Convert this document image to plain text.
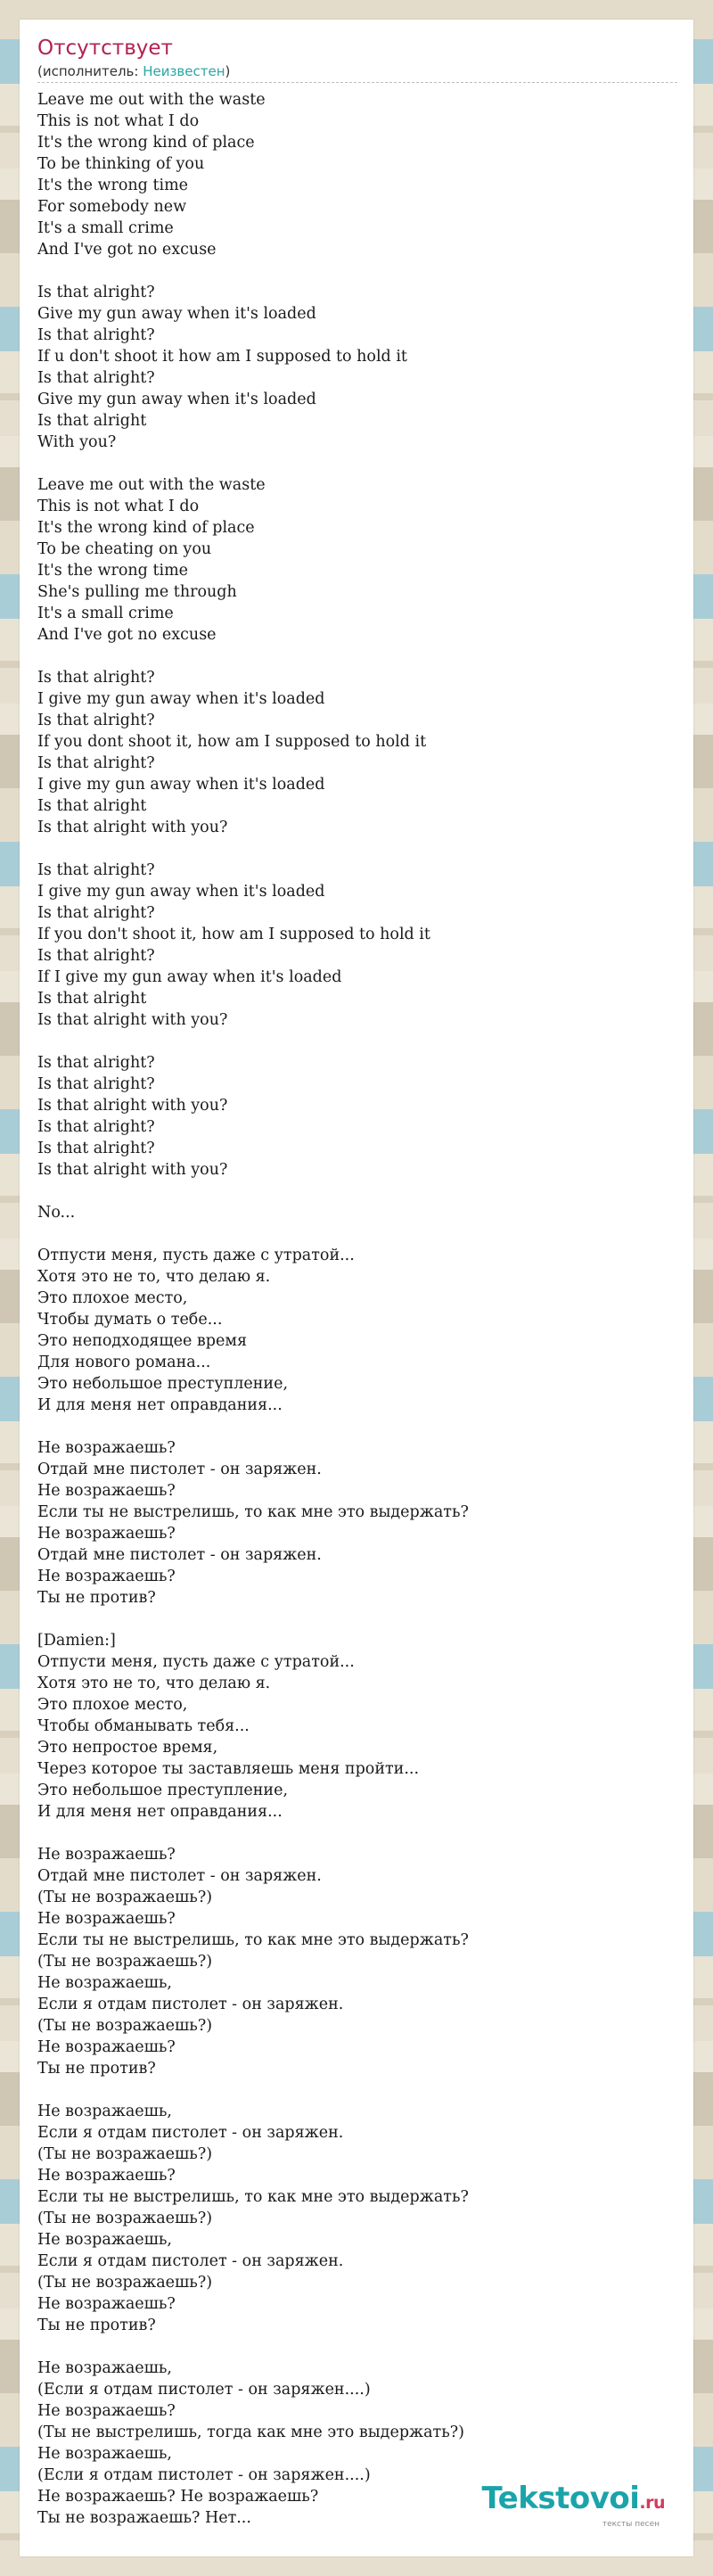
Отсутствует
(исполнитель: Неизвестен)
Leave me out with the waste
This is not what I do
It's the wrong kind of place
To be thinking of you
It's the wrong time
For somebody new
It's a small crime
And I've got no excuse
Is that alright?
Give my gun away when it's loaded
Is that alright?
If u don't shoot it how am I supposed to hold it
Is that alright?
Give my gun away when it's loaded
Is that alright
With you?
Leave me out with the waste
This is not what I do
It's the wrong kind of place
To be cheating on you
It's the wrong time
She's pulling me through
It's a small crime
And I've got no excuse
Is that alright?
I give my gun away when it's loaded
Is that alright?
If you dont shoot it, how am I supposed to hold it
Is that alright?
I give my gun away when it's loaded
Is that alright
Is that alright with you?
Is that alright?
I give my gun away when it's loaded
Is that alright?
If you don't shoot it, how am I supposed to hold it
Is that alright?
If I give my gun away when it's loaded
Is that alright
Is that alright with you?
Is that alright?
Is that alright?
Is that alright with you?
Is that alright?
Is that alright?
Is that alright with you?
No...
Отпусти меня, пусть даже с утратой...
Хотя это не то, что делаю я.
Это плохое место,
Чтобы думать о тебе...
Это неподходящее время
Для нового романа...
Это небольшое преступление,
И для меня нет оправдания...
Не возражаешь?
Отдай мне пистолет - он заряжен.
Не возражаешь?
Если ты не выстрелишь, то как мне это выдержать?
Не возражаешь?
Отдай мне пистолет - он заряжен.
Не возражаешь?
Ты не против?
[Damien:]
Отпусти меня, пусть даже с утратой...
Хотя это не то, что делаю я.
Это плохое место,
Чтобы обманывать тебя...
Это непростое время,
Через которое ты заставляешь меня пройти...
Это небольшое преступление,
И для меня нет оправдания...
Не возражаешь?
Отдай мне пистолет - он заряжен.
(Ты не возражаешь?)
Не возражаешь?
Если ты не выстрелишь, то как мне это выдержать?
(Ты не возражаешь?)
Не возражаешь,
Если я отдам пистолет - он заряжен.
(Ты не возражаешь?)
Не возражаешь?
Ты не против?
Не возражаешь,
Если я отдам пистолет - он заряжен.
(Ты не возражаешь?)
Не возражаешь?
Если ты не выстрелишь, то как мне это выдержать?
(Ты не возражаешь?)
Не возражаешь,
Если я отдам пистолет - он заряжен.
(Ты не возражаешь?)
Не возражаешь?
Ты не против?
Не возражаешь,
(Если я отдам пистолет - он заряжен....)
Не возражаешь?
(Ты не выстрелишь, тогда как мне это выдержать?)
Не возражаешь,
(Если я отдам пистолет - он заряжен....)
Не возражаешь? Не возражаешь?
Ты не возражаешь? Нет...
Tekstovoi.ru
тексты песен
